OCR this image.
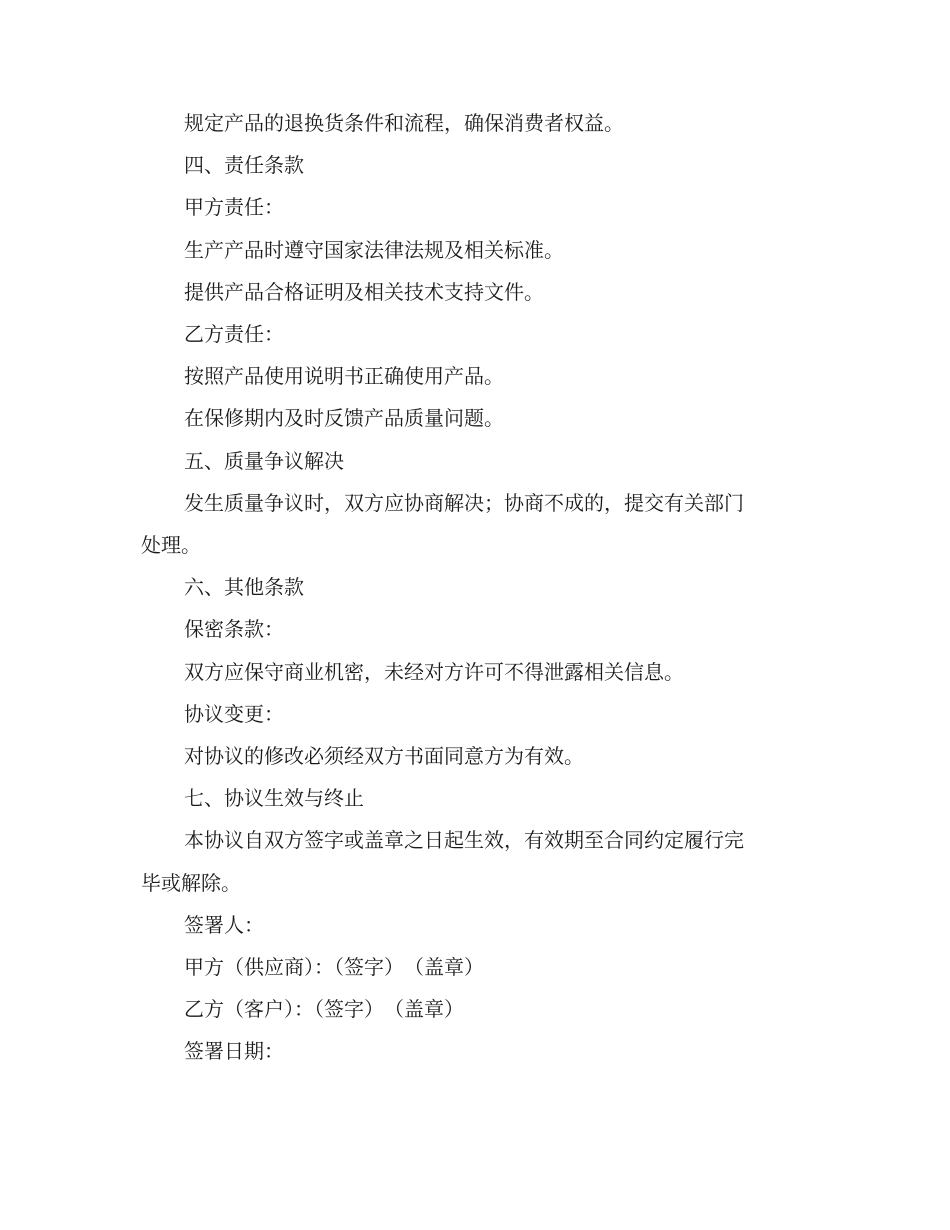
规定产品的退换货条件和流程，确保消费者权益。

四、责任条款

甲方责任：

生产产品时遵守国家法律法规及相关标准。

提供产品合格证明及相关技术支持文件。

乙方责任：

按照产品使用说明书正确使用产品。

在保修期内及时反馈产品质量问题。

五、质量争议解决

发生质量争议时，双方应协商解决；协商不成的，提交有关部门

处理。

六、其他条款

保密条款：

双方应保守商业机密，未经对方许可不得泄露相关信息。

协议变更：

对协议的修改必须经双方书面同意方为有效。

七、协议生效与终止

本协议自双方签字或盖章之日起生效，有效期至合同约定履行完

毕或解除。

签署人：

甲方（供应商）：（签字）　（盖章）

乙方（客户）：（签字）　（盖章）

签署日期：
